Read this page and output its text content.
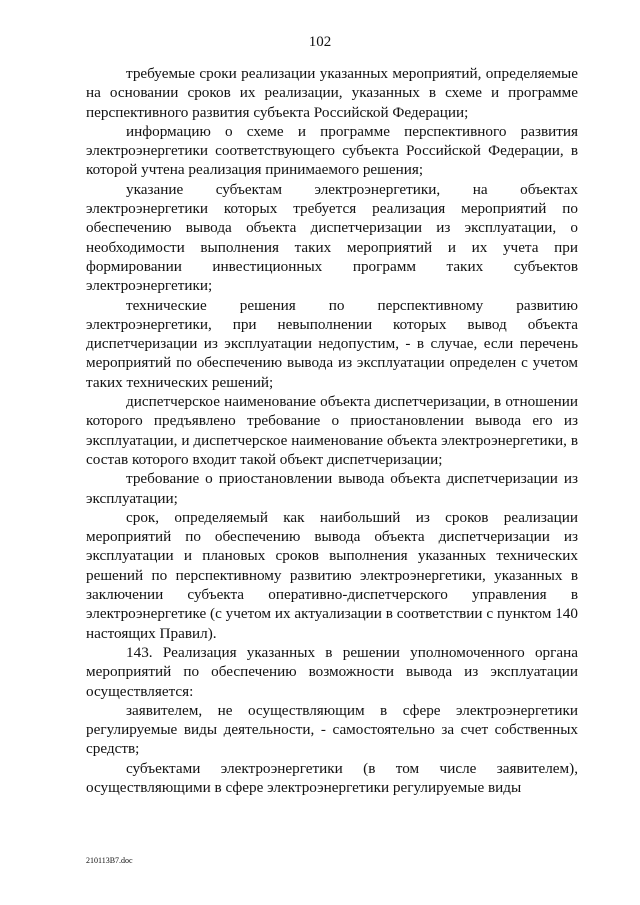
102

требуемые сроки реализации указанных мероприятий, определяемые на основании сроков их реализации, указанных в схеме и программе перспективного развития субъекта Российской Федерации;

информацию о схеме и программе перспективного развития электроэнергетики соответствующего субъекта Российской Федерации, в которой учтена реализация принимаемого решения;

указание субъектам электроэнергетики, на объектах электроэнергетики которых требуется реализация мероприятий по обеспечению вывода объекта диспетчеризации из эксплуатации, о необходимости выполнения таких мероприятий и их учета при формировании инвестиционных программ таких субъектов электроэнергетики;

технические решения по перспективному развитию электроэнергетики, при невыполнении которых вывод объекта диспетчеризации из эксплуатации недопустим, - в случае, если перечень мероприятий по обеспечению вывода из эксплуатации определен с учетом таких технических решений;

диспетчерское наименование объекта диспетчеризации, в отношении которого предъявлено требование о приостановлении вывода его из эксплуатации, и диспетчерское наименование объекта электроэнергетики, в состав которого входит такой объект диспетчеризации;

требование о приостановлении вывода объекта диспетчеризации из эксплуатации;

срок, определяемый как наибольший из сроков реализации мероприятий по обеспечению вывода объекта диспетчеризации из эксплуатации и плановых сроков выполнения указанных технических решений по перспективному развитию электроэнергетики, указанных в заключении субъекта оперативно-диспетчерского управления в электроэнергетике (с учетом их актуализации в соответствии с пунктом 140 настоящих Правил).

143. Реализация указанных в решении уполномоченного органа мероприятий по обеспечению возможности вывода из эксплуатации осуществляется:

заявителем, не осуществляющим в сфере электроэнергетики регулируемые виды деятельности, - самостоятельно за счет собственных средств;

субъектами электроэнергетики (в том числе заявителем), осуществляющими в сфере электроэнергетики регулируемые виды

210113В7.doc
